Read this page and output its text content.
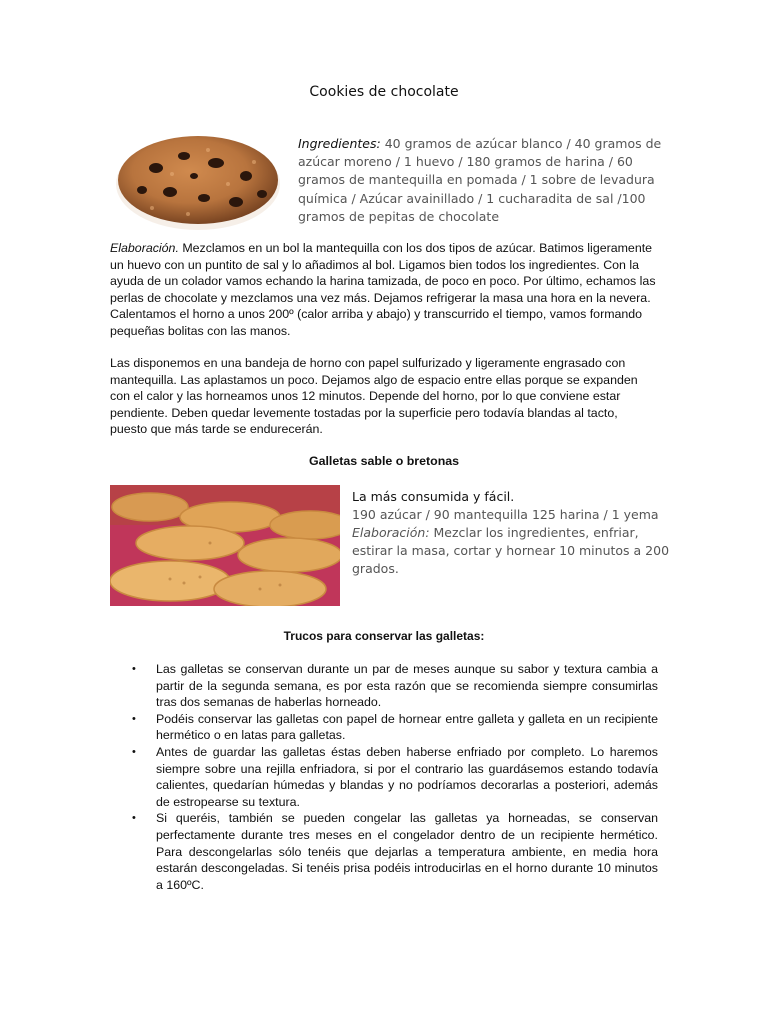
Cookies de chocolate
Ingredientes: 40 gramos de azúcar blanco / 40 gramos de azúcar moreno / 1 huevo / 180 gramos de harina / 60 gramos de mantequilla en pomada / 1 sobre de levadura química / Azúcar avainillado / 1 cucharadita de sal /100 gramos de pepitas de chocolate
Elaboración. Mezclamos en un bol la mantequilla con los dos tipos de azúcar. Batimos ligeramente un huevo con un puntito de sal y lo añadimos al bol. Ligamos bien todos los ingredientes. Con la ayuda de un colador vamos echando la harina tamizada, de poco en poco. Por último, echamos las perlas de chocolate y mezclamos una vez más. Dejamos refrigerar la masa una hora en la nevera. Calentamos el horno a unos 200º (calor arriba y abajo) y transcurrido el tiempo, vamos formando pequeñas bolitas con las manos.
Las disponemos en una bandeja de horno con papel sulfurizado y ligeramente engrasado con mantequilla. Las aplastamos un poco. Dejamos algo de espacio entre ellas porque se expanden con el calor y las horneamos unos 12 minutos. Depende del horno, por lo que conviene estar pendiente. Deben quedar levemente tostadas por la superficie pero todavía blandas al tacto, puesto que más tarde se endurecerán.
Galletas sable o bretonas
La más consumida y fácil.
190 azúcar / 90 mantequilla 125 harina / 1 yema Elaboración: Mezclar los ingredientes, enfriar, estirar la masa, cortar y hornear 10 minutos a 200 grados.
Trucos para conservar las galletas:
• Las galletas se conservan durante un par de meses aunque su sabor y textura cambia a partir de la segunda semana, es por esta razón que se recomienda siempre consumirlas tras dos semanas de haberlas horneado.
• Podéis conservar las galletas con papel de hornear entre galleta y galleta en un recipiente hermético o en latas para galletas.
• Antes de guardar las galletas éstas deben haberse enfriado por completo. Lo haremos siempre sobre una rejilla enfriadora, si por el contrario las guardásemos estando todavía calientes, quedarían húmedas y blandas y no podríamos decorarlas a posteriori, además de estropearse su textura.
• Si queréis, también se pueden congelar las galletas ya horneadas, se conservan perfectamente durante tres meses en el congelador dentro de un recipiente hermético. Para descongelarlas sólo tenéis que dejarlas a temperatura ambiente, en media hora estarán descongeladas. Si tenéis prisa podéis introducirlas en el horno durante 10 minutos a 160ºC.
